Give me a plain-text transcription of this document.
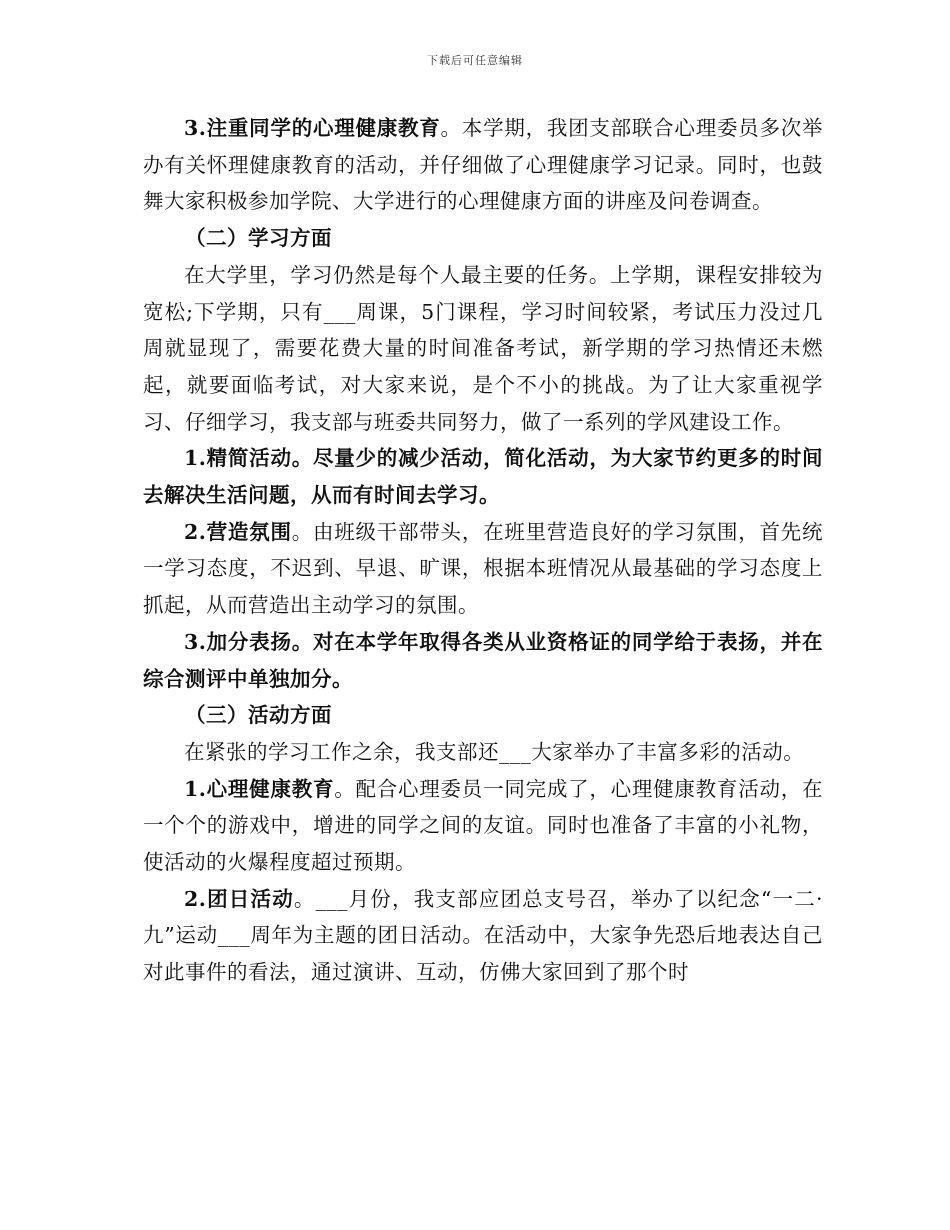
下载后可任意编辑

3.注重同学的心理健康教育。本学期，我团支部联合心理委员多次举办有关怀理健康教育的活动，并仔细做了心理健康学习记录。同时，也鼓舞大家积极参加学院、大学进行的心理健康方面的讲座及问卷调查。

（二）学习方面

在大学里，学习仍然是每个人最主要的任务。上学期，课程安排较为宽松;下学期，只有___周课，5门课程，学习时间较紧，考试压力没过几周就显现了，需要花费大量的时间准备考试，新学期的学习热情还未燃起，就要面临考试，对大家来说，是个不小的挑战。为了让大家重视学习、仔细学习，我支部与班委共同努力，做了一系列的学风建设工作。

1.精简活动。尽量少的减少活动，简化活动，为大家节约更多的时间去解决生活问题，从而有时间去学习。

2.营造氛围。由班级干部带头，在班里营造良好的学习氛围，首先统一学习态度，不迟到、早退、旷课，根据本班情况从最基础的学习态度上抓起，从而营造出主动学习的氛围。

3.加分表扬。对在本学年取得各类从业资格证的同学给于表扬，并在综合测评中单独加分。

（三）活动方面

在紧张的学习工作之余，我支部还___大家举办了丰富多彩的活动。

1.心理健康教育。配合心理委员一同完成了，心理健康教育活动，在一个个的游戏中，增进的同学之间的友谊。同时也准备了丰富的小礼物，使活动的火爆程度超过预期。

2.团日活动。___月份，我支部应团总支号召，举办了以纪念“一二·九”运动___周年为主题的团日活动。在活动中，大家争先恐后地表达自己对此事件的看法，通过演讲、互动，仿佛大家回到了那个时
